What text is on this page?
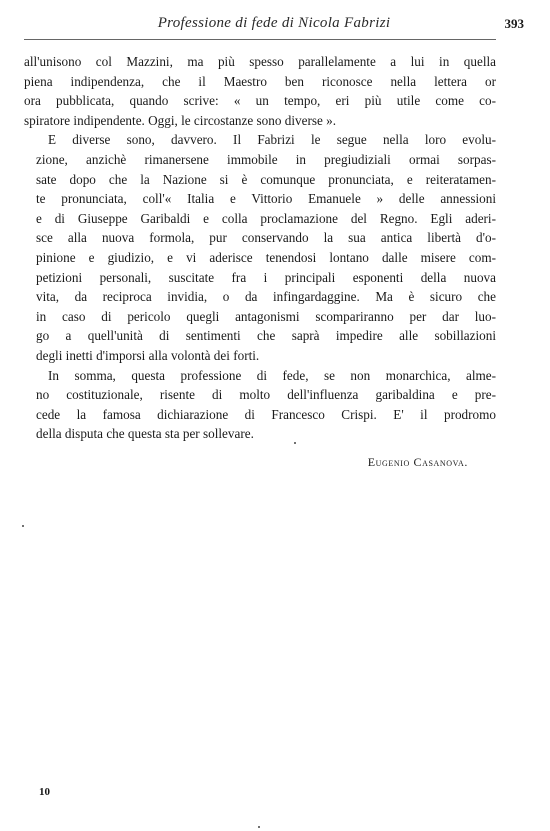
Professione di fede di Nicola Fabrizi	393

all'unisono col Mazzini, ma più spesso parallelamente a lui in quella
piena indipendenza, che il Maestro ben riconosce nella lettera or
ora pubblicata, quando scrive: « un tempo, eri più utile come co-
spiratore indipendente. Oggi, le circostanze sono diverse ».

E diverse sono, davvero. Il Fabrizi le segue nella loro evolu-
zione, anzichè rimanersene immobile in pregiudiziali ormai sorpas-
sate dopo che la Nazione si è comunque pronunciata, e reiteratamen-
te pronunciata, coll'« Italia e Vittorio Emanuele » delle annessioni
e di Giuseppe Garibaldi e colla proclamazione del Regno. Egli aderi-
sce alla nuova formola, pur conservando la sua antica libertà d'o-
pinione e giudizio, e vi aderisce tenendosi lontano dalle misere com-
petizioni personali, suscitate fra i principali esponenti della nuova
vita, da reciproca invidia, o da infingardaggine. Ma è sicuro che
in caso di pericolo quegli antagonismi scompariranno per dar luo-
go a quell'unità di sentimenti che saprà impedire alle sobillazioni
degli inetti d'imporsi alla volontà dei forti.

In somma, questa professione di fede, se non monarchica, alme-
no costituzionale, risente di molto dell'influenza garibaldina e pre-
cede la famosa dichiarazione di Francesco Crispi. E' il prodromo
della disputa che questa sta per sollevare.

Eugenio Casanova.
10
